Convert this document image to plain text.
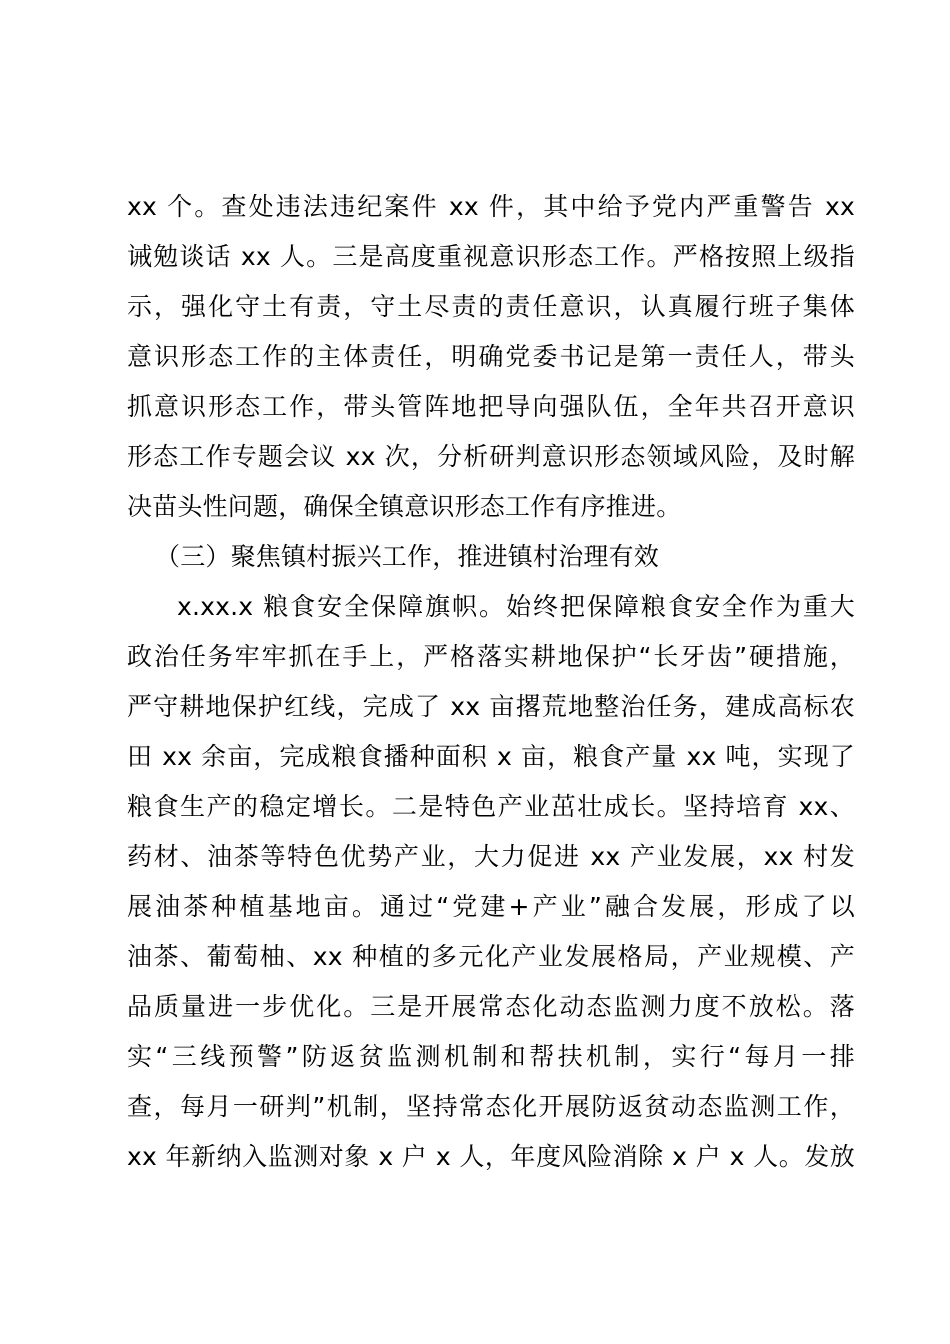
xx 个。查处违法违纪案件 xx 件，其中给予党内严重警告 xx
诫勉谈话 xx 人。三是高度重视意识形态工作。严格按照上级指
示，强化守土有责，守土尽责的责任意识，认真履行班子集体
意识形态工作的主体责任，明确党委书记是第一责任人，带头
抓意识形态工作，带头管阵地把导向强队伍，全年共召开意识
形态工作专题会议 xx 次，分析研判意识形态领域风险，及时解
决苗头性问题，确保全镇意识形态工作有序推进。
（三）聚焦镇村振兴工作，推进镇村治理有效
x.xx.x 粮食安全保障旗帜。始终把保障粮食安全作为重大
政治任务牢牢抓在手上，严格落实耕地保护“长牙齿”硬措施，
严守耕地保护红线，完成了 xx 亩撂荒地整治任务，建成高标农
田 xx 余亩，完成粮食播种面积 x 亩，粮食产量 xx 吨，实现了
粮食生产的稳定增长。二是特色产业茁壮成长。坚持培育 xx、
药材、油茶等特色优势产业，大力促进 xx 产业发展，xx 村发
展油茶种植基地亩。通过“党建+产业”融合发展，形成了以
油茶、葡萄柚、xx 种植的多元化产业发展格局，产业规模、产
品质量进一步优化。三是开展常态化动态监测力度不放松。落
实“三线预警”防返贫监测机制和帮扶机制，实行“每月一排
查，每月一研判”机制，坚持常态化开展防返贫动态监测工作，
xx 年新纳入监测对象 x 户 x 人，年度风险消除 x 户 x 人。发放
